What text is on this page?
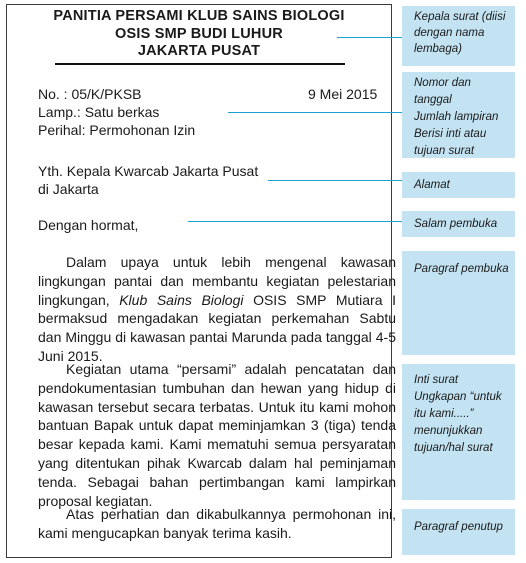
PANITIA PERSAMI KLUB SAINS BIOLOGI
OSIS SMP BUDI LUHUR
JAKARTA PUSAT
No. : 05/K/PKSB	9 Mei 2015
Lamp.: Satu berkas
Perihal: Permohonan Izin
Yth. Kepala Kwarcab Jakarta Pusat
di Jakarta
Dengan hormat,
Dalam upaya untuk lebih mengenal kawasan lingkungan pantai dan membantu kegiatan pelestarian lingkungan, Klub Sains Biologi OSIS SMP Mutiara I bermaksud mengadakan kegiatan perkemahan Sabtu dan Minggu di kawasan pantai Marunda pada tanggal 4-5 Juni 2015.
Kegiatan utama “persami” adalah pencatatan dan pendokumentasian tumbuhan dan hewan yang hidup di kawasan tersebut secara terbatas. Untuk itu kami mohon bantuan Bapak untuk dapat meminjamkan 3 (tiga) tenda besar kepada kami. Kami mematuhi semua persyaratan yang ditentukan pihak Kwarcab dalam hal peminjaman tenda. Sebagai bahan pertimbangan kami lampirkan proposal kegiatan.
Atas perhatian dan dikabulkannya permohonan ini, kami mengucapkan banyak terima kasih.
Kepala surat (diisi dengan nama lembaga)
Nomor dan tanggal
Jumlah lampiran
Berisi inti atau tujuan surat
Alamat
Salam pembuka
Paragraf pembuka
Inti surat
Ungkapan “untuk itu kami.....” menunjukkan tujuan/hal surat
Paragraf penutup
